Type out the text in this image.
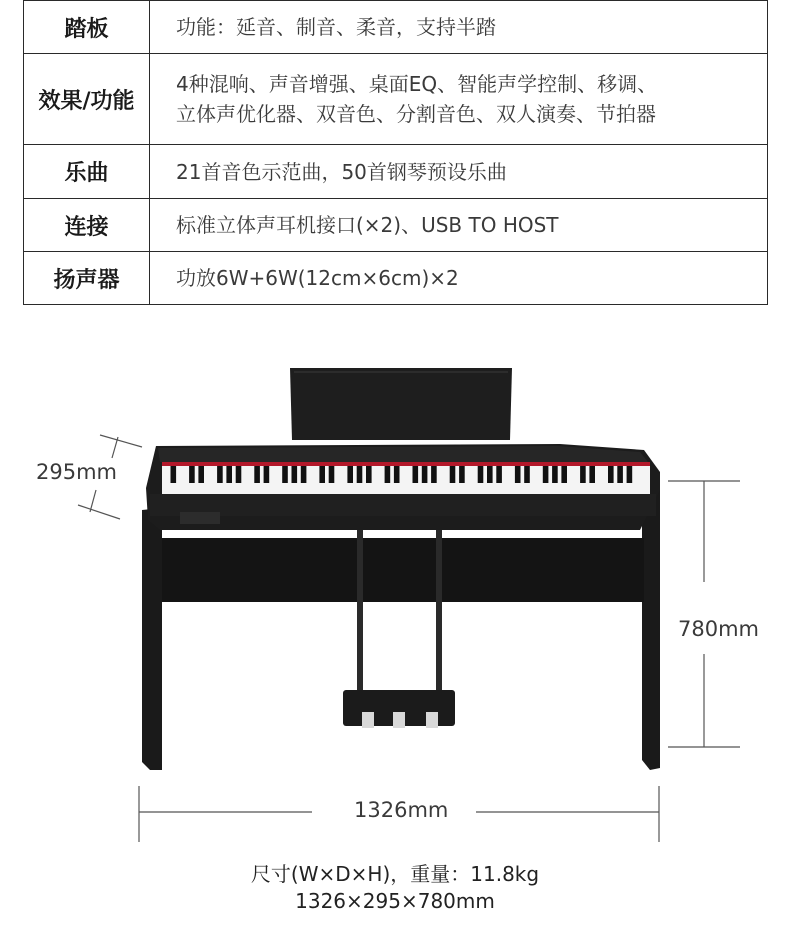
踏板	功能：延音、制音、柔音，支持半踏

效果/功能	4种混响、声音增强、桌面EQ、智能声学控制、移调、
立体声优化器、双音色、分割音色、双人演奏、节拍器

乐曲	21首音色示范曲，50首钢琴预设乐曲

连接	标准立体声耳机接口(×2)、USB TO HOST

扬声器	功放6W+6W(12cm×6cm)×2
295mm
780mm
1326mm
尺寸(W×D×H)，重量：11.8kg
1326×295×780mm
